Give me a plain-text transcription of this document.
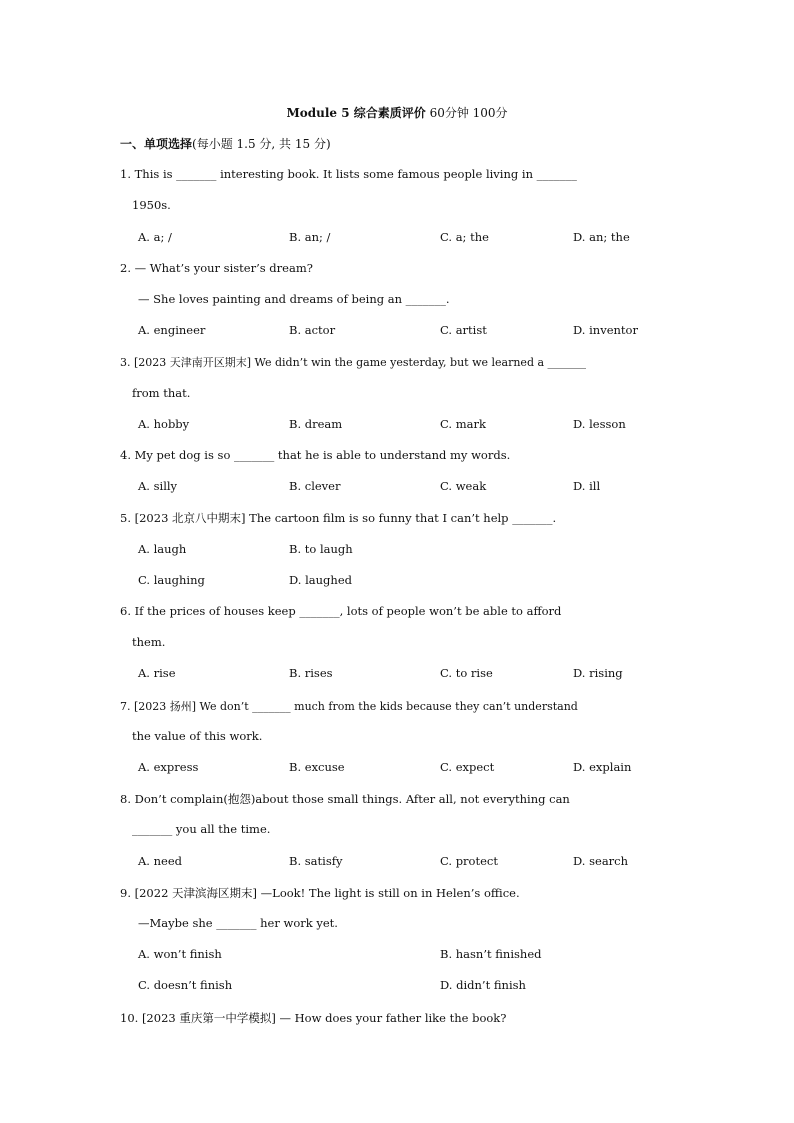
Module 5 综合素质评价 60分钟 100分
一、单项选择(每小题 1.5 分, 共 15 分)
1. This is _______ interesting book. It lists some famous people living in _______
1950s.
A. a; /	B. an; /	C. a; the	D. an; the
2. — What’s your sister’s dream?
— She loves painting and dreams of being an _______.
A. engineer	B. actor	C. artist	D. inventor
3. [2023 天津南开区期末] We didn’t win the game yesterday, but we learned a _______
from that.
A. hobby	B. dream	C. mark	D. lesson
4. My pet dog is so _______ that he is able to understand my words.
A. silly	B. clever	C. weak	D. ill
5. [2023 北京八中期末] The cartoon film is so funny that I can’t help _______.
A. laugh	B. to laugh
C. laughing	D. laughed
6. If the prices of houses keep _______, lots of people won’t be able to afford
them.
A. rise	B. rises	C. to rise	D. rising
7. [2023 扬州] We don’t _______ much from the kids because they can’t understand
the value of this work.
A. express	B. excuse	C. expect	D. explain
8. Don’t complain(抱怨)about those small things. After all, not everything can
_______ you all the time.
A. need	B. satisfy	C. protect	D. search
9. [2022 天津滨海区期末] —Look! The light is still on in Helen’s office.
—Maybe she _______ her work yet.
A. won’t finish	B. hasn’t finished
C. doesn’t finish	D. didn’t finish
10. [2023 重庆第一中学模拟] — How does your father like the book?
